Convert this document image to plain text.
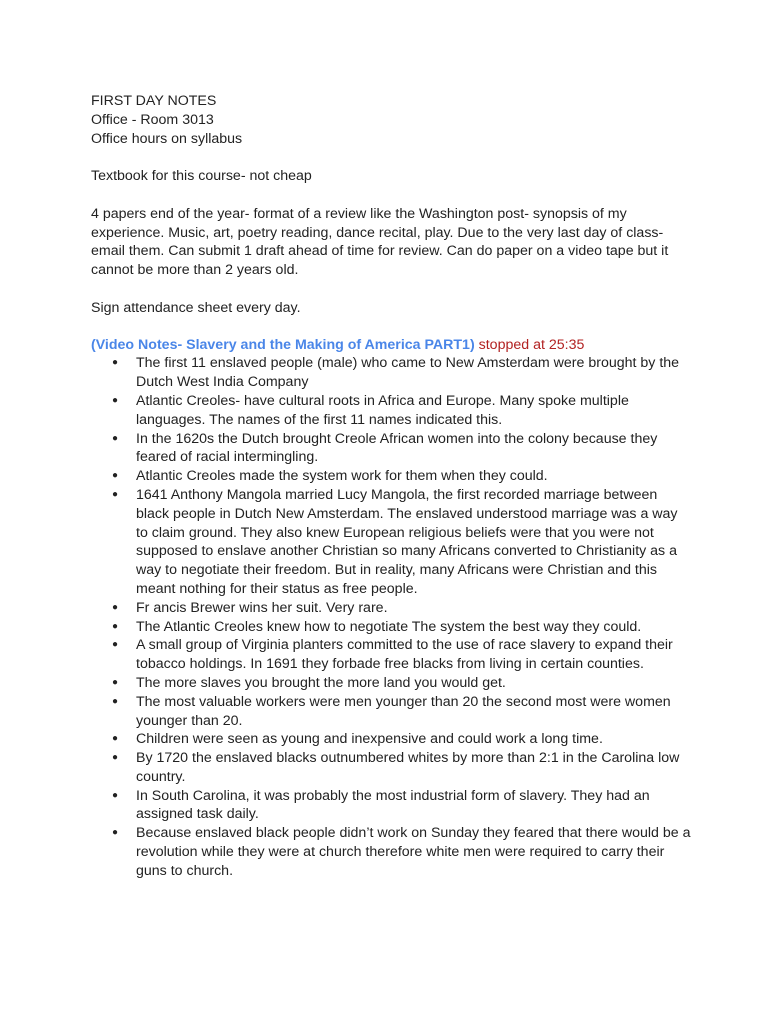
FIRST DAY NOTES

Office - Room 3013

Office hours on syllabus

Textbook for this course- not cheap

4 papers end of the year- format of a review like the Washington post- synopsis of my experience. Music, art, poetry reading, dance recital, play. Due to the very last day of class- email them. Can submit 1 draft ahead of time for review. Can do paper on a video tape but it cannot be more than 2 years old.

Sign attendance sheet every day.

(Video Notes- Slavery and the Making of America PART1) stopped at 25:35

● The first 11 enslaved people (male) who came to New Amsterdam were brought by the Dutch West India Company
● Atlantic Creoles- have cultural roots in Africa and Europe. Many spoke multiple languages. The names of the first 11 names indicated this.
● In the 1620s the Dutch brought Creole African women into the colony because they feared of racial intermingling.
● Atlantic Creoles made the system work for them when they could.
● 1641 Anthony Mangola married Lucy Mangola, the first recorded marriage between black people in Dutch New Amsterdam. The enslaved understood marriage was a way to claim ground. They also knew European religious beliefs were that you were not supposed to enslave another Christian so many Africans converted to Christianity as a way to negotiate their freedom. But in reality, many Africans were Christian and this meant nothing for their status as free people.
● Fr ancis Brewer wins her suit. Very rare.
● The Atlantic Creoles knew how to negotiate The system the best way they could.
● A small group of Virginia planters committed to the use of race slavery to expand their tobacco holdings. In 1691 they forbade free blacks from living in certain counties.
● The more slaves you brought the more land you would get.
● The most valuable workers were men younger than 20 the second most were women younger than 20.
● Children were seen as young and inexpensive and could work a long time.
● By 1720 the enslaved blacks outnumbered whites by more than 2:1 in the Carolina low country.
● In South Carolina, it was probably the most industrial form of slavery. They had an assigned task daily.
● Because enslaved black people didn’t work on Sunday they feared that there would be a revolution while they were at church therefore white men were required to carry their guns to church.
